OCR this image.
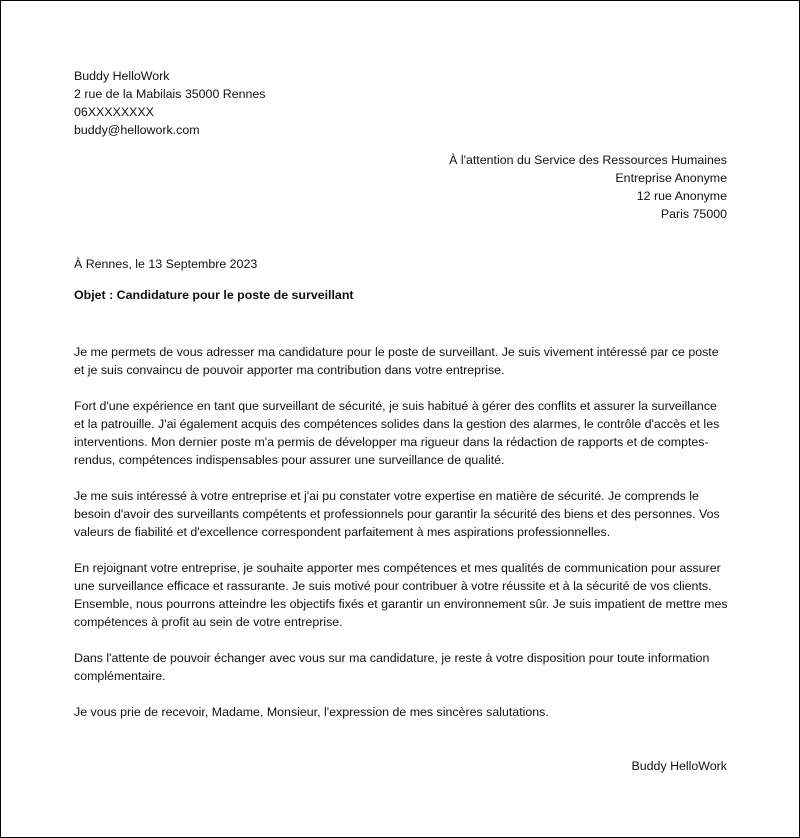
Buddy HelloWork
2 rue de la Mabilais 35000 Rennes
06XXXXXXXX
buddy@hellowork.com
À l'attention du Service des Ressources Humaines
Entreprise Anonyme
12 rue Anonyme
Paris 75000
À Rennes, le 13 Septembre 2023
Objet : Candidature pour le poste de surveillant

Je me permets de vous adresser ma candidature pour le poste de surveillant. Je suis vivement intéressé par ce poste et je suis convaincu de pouvoir apporter ma contribution dans votre entreprise.

Fort d'une expérience en tant que surveillant de sécurité, je suis habitué à gérer des conflits et assurer la surveillance et la patrouille. J'ai également acquis des compétences solides dans la gestion des alarmes, le contrôle d'accès et les interventions. Mon dernier poste m'a permis de développer ma rigueur dans la rédaction de rapports et de comptes-rendus, compétences indispensables pour assurer une surveillance de qualité.

Je me suis intéressé à votre entreprise et j'ai pu constater votre expertise en matière de sécurité. Je comprends le besoin d'avoir des surveillants compétents et professionnels pour garantir la sécurité des biens et des personnes. Vos valeurs de fiabilité et d'excellence correspondent parfaitement à mes aspirations professionnelles.

En rejoignant votre entreprise, je souhaite apporter mes compétences et mes qualités de communication pour assurer une surveillance efficace et rassurante. Je suis motivé pour contribuer à votre réussite et à la sécurité de vos clients. Ensemble, nous pourrons atteindre les objectifs fixés et garantir un environnement sûr. Je suis impatient de mettre mes compétences à profit au sein de votre entreprise.

Dans l'attente de pouvoir échanger avec vous sur ma candidature, je reste à votre disposition pour toute information complémentaire.

Je vous prie de recevoir, Madame, Monsieur, l'expression de mes sincères salutations.

Buddy HelloWork
